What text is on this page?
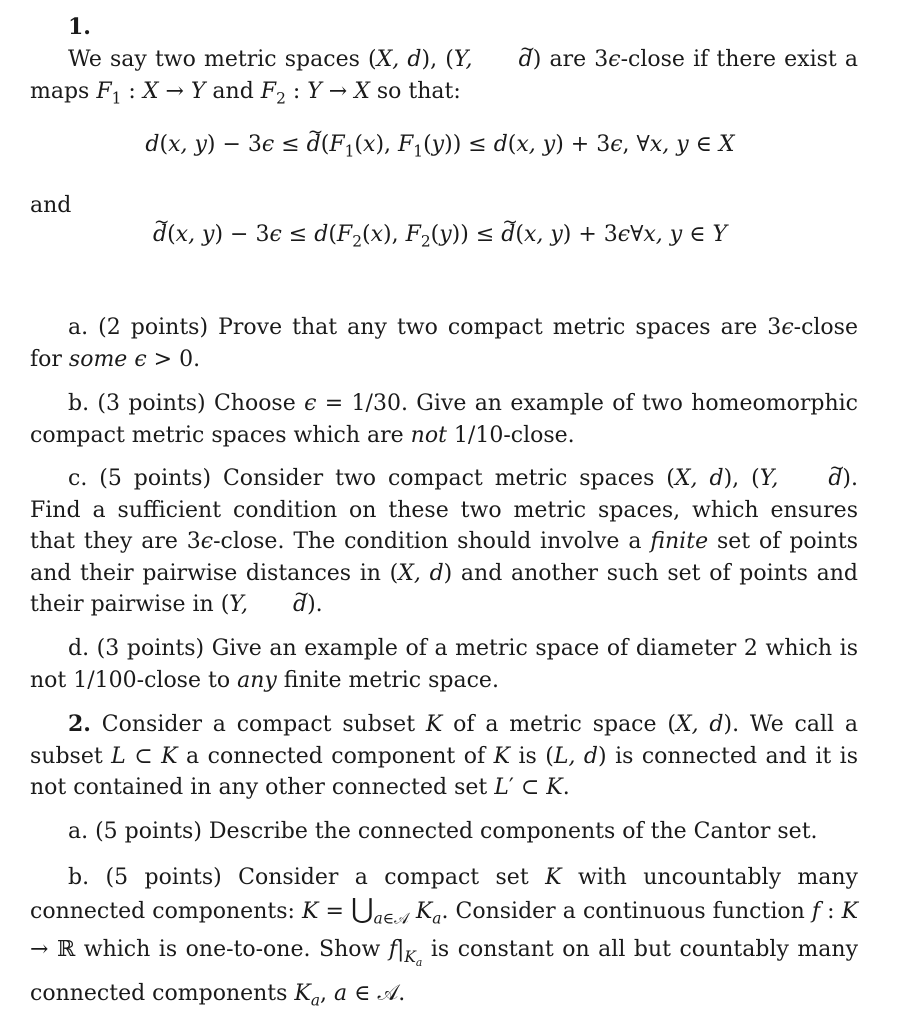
1.
We say two metric spaces (X, d), (Y, ~ d) are 3ϵ-close if there exist a maps $F_1$ : X → Y and $F_2$ : Y → X so that:
d(x, y) − 3ϵ ≤ ~ $d(F_1(x)$, $F_1(y)) \le d(x$, y) + 3ϵ, ∀x, y ∈ X
and
~ d(x, $y) - 3\epsilon \le d(F_2(x)$, $F_2(y)$) ≤ ~ d(x, y) + 3ϵ∀x, y ∈ Y
a. (2 points) Prove that any two compact metric spaces are 3ϵ-close for some ϵ > 0.
b. (3 points) Choose ϵ = 1/30. Give an example of two homeomorphic compact metric spaces which are not 1/10-close.
c. (5 points) Consider two compact metric spaces (X, d), (Y, ~ d). Find a sufficient condition on these two metric spaces, which ensures that they are 3ϵ-close. The condition should involve a finite set of points and their pairwise distances in (X, d) and another such set of points and their pairwise in (Y, ~ d).
d. (3 points) Give an example of a metric space of diameter 2 which is not 1/100-close to any finite metric space.
2. Consider a compact subset K of a metric space (X, d). We call a subset L ⊂ K a connected component of K is (L, d) is connected and it is not contained in any other connected set L′ ⊂ K.
a. (5 points) Describe the connected components of the Cantor set.
b. (5 points) Consider a compact set K with uncountably many connected components: $K = ⋃_{a\in 𝒜}$ $K_a$. Consider a continuous function f : K → ℝ which is one-to-one. Show $f|_{K_a}$ is constant on all but countably many connected components $K_a$, a ∈ 𝒜.
